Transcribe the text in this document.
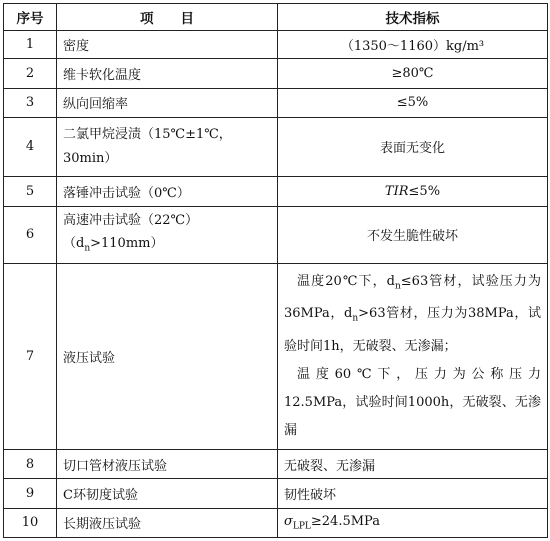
序号	项　　目	技术指标
1	密度	（1350～1160）kg/m³
2	维卡软化温度	≥80℃
3	纵向回缩率	≤5%
4	二氯甲烷浸渍（15℃±1℃，
30min）	表面无变化
5	落锤冲击试验（0℃）	TIR≤5%
6	高速冲击试验（22℃）
$(d_n>110mm)$	不发生脆性破坏
7	液压试验	温度20℃下，$d_n\le 63$管材，试验压力为36MPa，$d_n>63$管材，压力为38MPa，试验时间1h，无破裂、无渗漏；
温度60℃下，压力为公称压力12.5MPa，试验时间1000h，无破裂、无渗漏

8	切口管材液压试验	无破裂、无渗漏
9	C环韧度试验	韧性破坏
10	长期液压试验	$\sigma_{LPL}\ge 24.5MPa$
